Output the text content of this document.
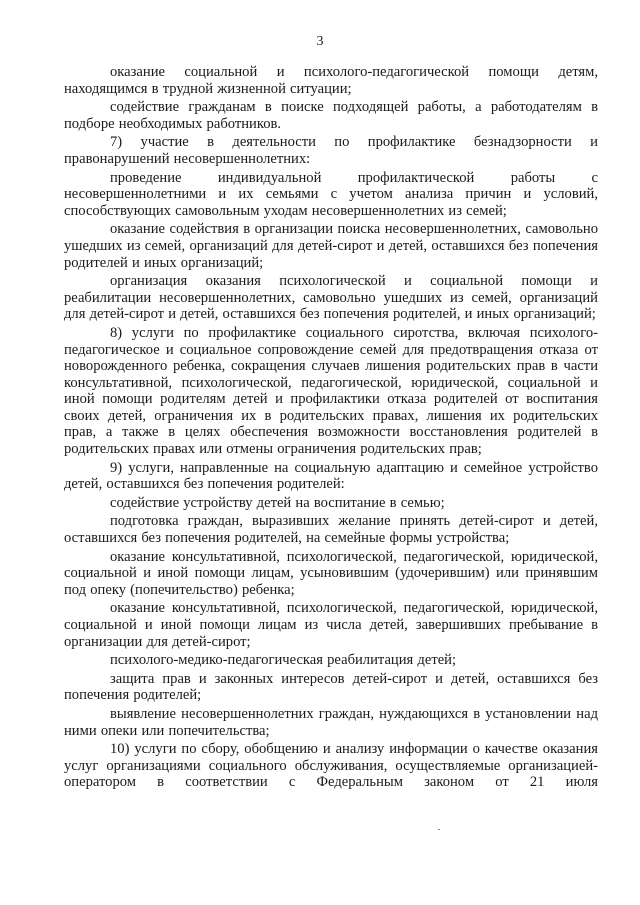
3

оказание социальной и психолого-педагогической помощи детям, находящимся в трудной жизненной ситуации;

содействие гражданам в поиске подходящей работы, а работодателям в подборе необходимых работников.

7) участие в деятельности по профилактике безнадзорности и правонарушений несовершеннолетних:

проведение индивидуальной профилактической работы с несовершеннолетними и их семьями с учетом анализа причин и условий, способствующих самовольным уходам несовершеннолетних из семей;

оказание содействия в организации поиска несовершеннолетних, самовольно ушедших из семей, организаций для детей-сирот и детей, оставшихся без попечения родителей и иных организаций;

организация оказания психологической и социальной помощи и реабилитации несовершеннолетних, самовольно ушедших из семей, организаций для детей-сирот и детей, оставшихся без попечения родителей, и иных организаций;

8) услуги по профилактике социального сиротства, включая психолого-педагогическое и социальное сопровождение семей для предотвращения отказа от новорожденного ребенка, сокращения случаев лишения родительских прав в части консультативной, психологической, педагогической, юридической, социальной и иной помощи родителям детей и профилактики отказа родителей от воспитания своих детей, ограничения их в родительских правах, лишения их родительских прав, а также в целях обеспечения возможности восстановления родителей в родительских правах или отмены ограничения родительских прав;

9) услуги, направленные на социальную адаптацию и семейное устройство детей, оставшихся без попечения родителей:

содействие устройству детей на воспитание в семью;

подготовка граждан, выразивших желание принять детей-сирот и детей, оставшихся без попечения родителей, на семейные формы устройства;

оказание консультативной, психологической, педагогической, юридической, социальной и иной помощи лицам, усыновившим (удочерившим) или принявшим под опеку (попечительство) ребенка;

оказание консультативной, психологической, педагогической, юридической, социальной и иной помощи лицам из числа детей, завершивших пребывание в организации для детей-сирот;

психолого-медико-педагогическая реабилитация детей;

защита прав и законных интересов детей-сирот и детей, оставшихся без попечения родителей;

выявление несовершеннолетних граждан, нуждающихся в установлении над ними опеки или попечительства;

10) услуги по сбору, обобщению и анализу информации о качестве оказания услуг организациями социального обслуживания, осуществляемые организацией-оператором в соответствии с Федеральным законом от 21 июля
